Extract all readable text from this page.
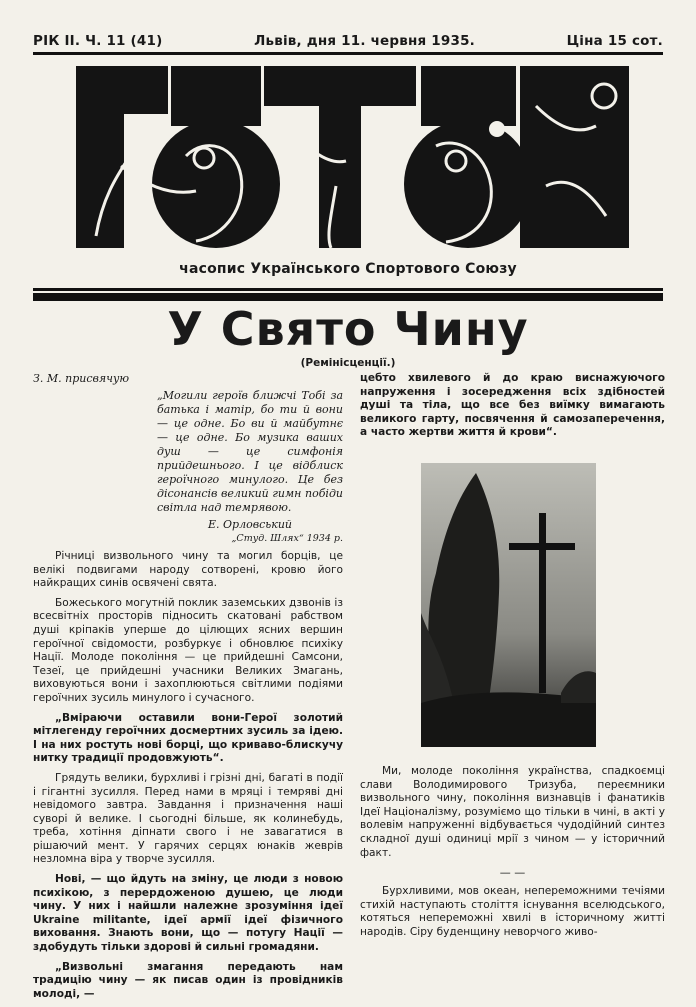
РІК II. Ч. 11 (41)	Львів, дня 11. червня 1935.	Ціна 15 сот.
часопис Українського Спортового Союзу
У Свято Чину
(Ремінісценції.)

З. М. присвячую

„Могили героїв ближчі Тобі за батька і матір, бо ти й вони — це одне. Бо ви й майбутнє — це одне. Бо музика ваших душ — це симфонія прийдешнього. І це відблиск героїчного минулого. Це без дісонансів великий гимн побіди світла над темрявою.
Е. Орловський
„Студ. Шлях“ 1934 р.

Річниці визвольного чину та могил борців, це велікі подвигами народу сотворені, кровю його найкращих синів освячені свята.

Божеського могутній поклик заземських дзвонів із всесвітніх просторів підносить скатовані рабством душі кріпаків уперше до цілющих ясних вершин героїчної свідомости, розбуркує і обновлює психіку Нації. Молоде покоління — це прийдешні Самсони, Тезеї, це прийдешні учасники Великих Змагань, виховуються вони і захоплюються світлими подіями героїчних зусиль минулого і сучасного.

„Вміраючи оставили вони-Герої золотий мітлегенду героїчних досмертних зусиль за ідею. І на них ростуть нові борці, що криваво-блискучу нитку традиції продовжують“.

Грядуть велики, бурхливі і грізні дні, багаті в події і гігантні зусилля. Перед нами в мряці і темряві дні невідомого завтра. Завдання і призначення наші суворі й велике. І сьогодні більше, як колинебудь, треба, хотіння діпнати свого і не завагатися в рішаючий мент. У гарячих серцях юнаків жеврів незломна віра у творче зусилля.

Нові, — що йдуть на зміну, це люди з новою психікою, з перердоженою душею, це люди чину. У них і найшли належне зрозуміння ідеї Ukraine militante, ідеї армії ідеї фізичного виховання. Знають вони, що — потугу Нації — здобудуть тільки здорові й сильні громадяни.

„Визвольні змагання передають нам традицію чину — як писав один із провідників молоді, —

цебто хвилевого й до краю виснажуючого напруження і зосередження всіх здібностей душі та тіла, що все без виїмку вимагають великого гарту, посвячення й самозаперечення, а часто жертви життя й крови“.

Ми, молоде покоління українства, спадкоємці слави Володимирового Тризуба, переємники визвольного чину, покоління визнавців і фанатиків Ідеї Націоналізму, розуміємо що тільки в чині, в акті у волевім напруженні відбувається чудодійний синтез складної душі одиниці мрії з чином — у історичний факт.

— —

Бурхливими, мов океан, непереможними течіями стихій наступають століття існування вселюдського, котяться непереможні хвилі в історичному житті народів. Сіру буденщину неворчого живо-
